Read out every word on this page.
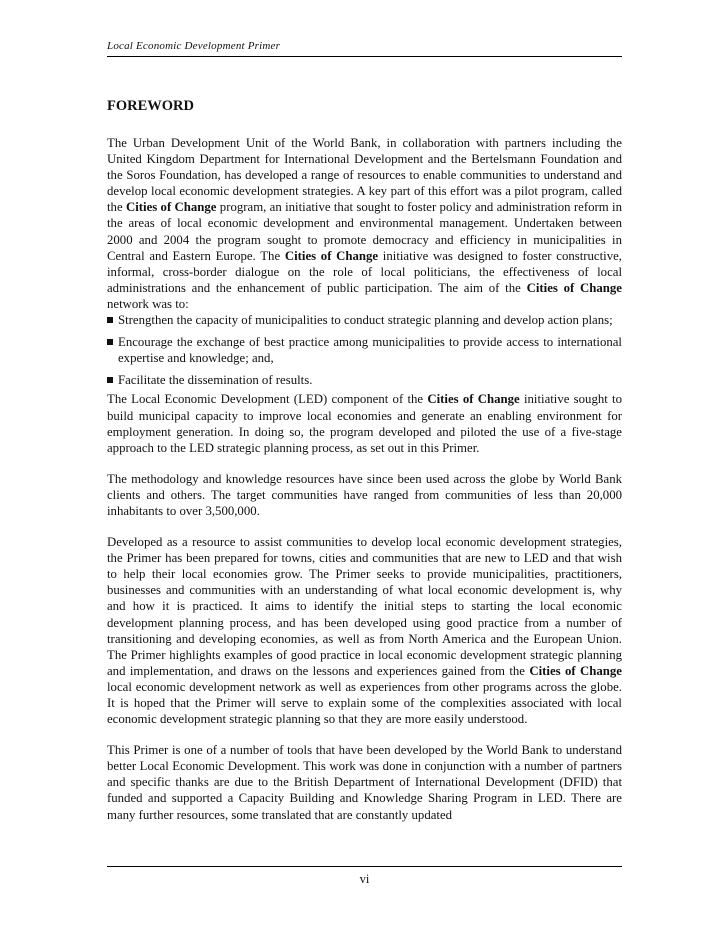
Local Economic Development Primer
FOREWORD

The Urban Development Unit of the World Bank, in collaboration with partners including the United Kingdom Department for International Development and the Bertelsmann Foundation and the Soros Foundation, has developed a range of resources to enable communities to understand and develop local economic development strategies. A key part of this effort was a pilot program, called the Cities of Change program, an initiative that sought to foster policy and administration reform in the areas of local economic development and environmental management. Undertaken between 2000 and 2004 the program sought to promote democracy and efficiency in municipalities in Central and Eastern Europe. The Cities of Change initiative was designed to foster constructive, informal, cross-border dialogue on the role of local politicians, the effectiveness of local administrations and the enhancement of public participation. The aim of the Cities of Change network was to:

Strengthen the capacity of municipalities to conduct strategic planning and develop action plans;
Encourage the exchange of best practice among municipalities to provide access to international expertise and knowledge; and,
Facilitate the dissemination of results.

The Local Economic Development (LED) component of the Cities of Change initiative sought to build municipal capacity to improve local economies and generate an enabling environment for employment generation. In doing so, the program developed and piloted the use of a five-stage approach to the LED strategic planning process, as set out in this Primer.

The methodology and knowledge resources have since been used across the globe by World Bank clients and others. The target communities have ranged from communities of less than 20,000 inhabitants to over 3,500,000.

Developed as a resource to assist communities to develop local economic development strategies, the Primer has been prepared for towns, cities and communities that are new to LED and that wish to help their local economies grow. The Primer seeks to provide municipalities, practitioners, businesses and communities with an understanding of what local economic development is, why and how it is practiced. It aims to identify the initial steps to starting the local economic development planning process, and has been developed using good practice from a number of transitioning and developing economies, as well as from North America and the European Union. The Primer highlights examples of good practice in local economic development strategic planning and implementation, and draws on the lessons and experiences gained from the Cities of Change local economic development network as well as experiences from other programs across the globe. It is hoped that the Primer will serve to explain some of the complexities associated with local economic development strategic planning so that they are more easily understood.

This Primer is one of a number of tools that have been developed by the World Bank to understand better Local Economic Development. This work was done in conjunction with a number of partners and specific thanks are due to the British Department of International Development (DFID) that funded and supported a Capacity Building and Knowledge Sharing Program in LED. There are many further resources, some translated that are constantly updated

vi
